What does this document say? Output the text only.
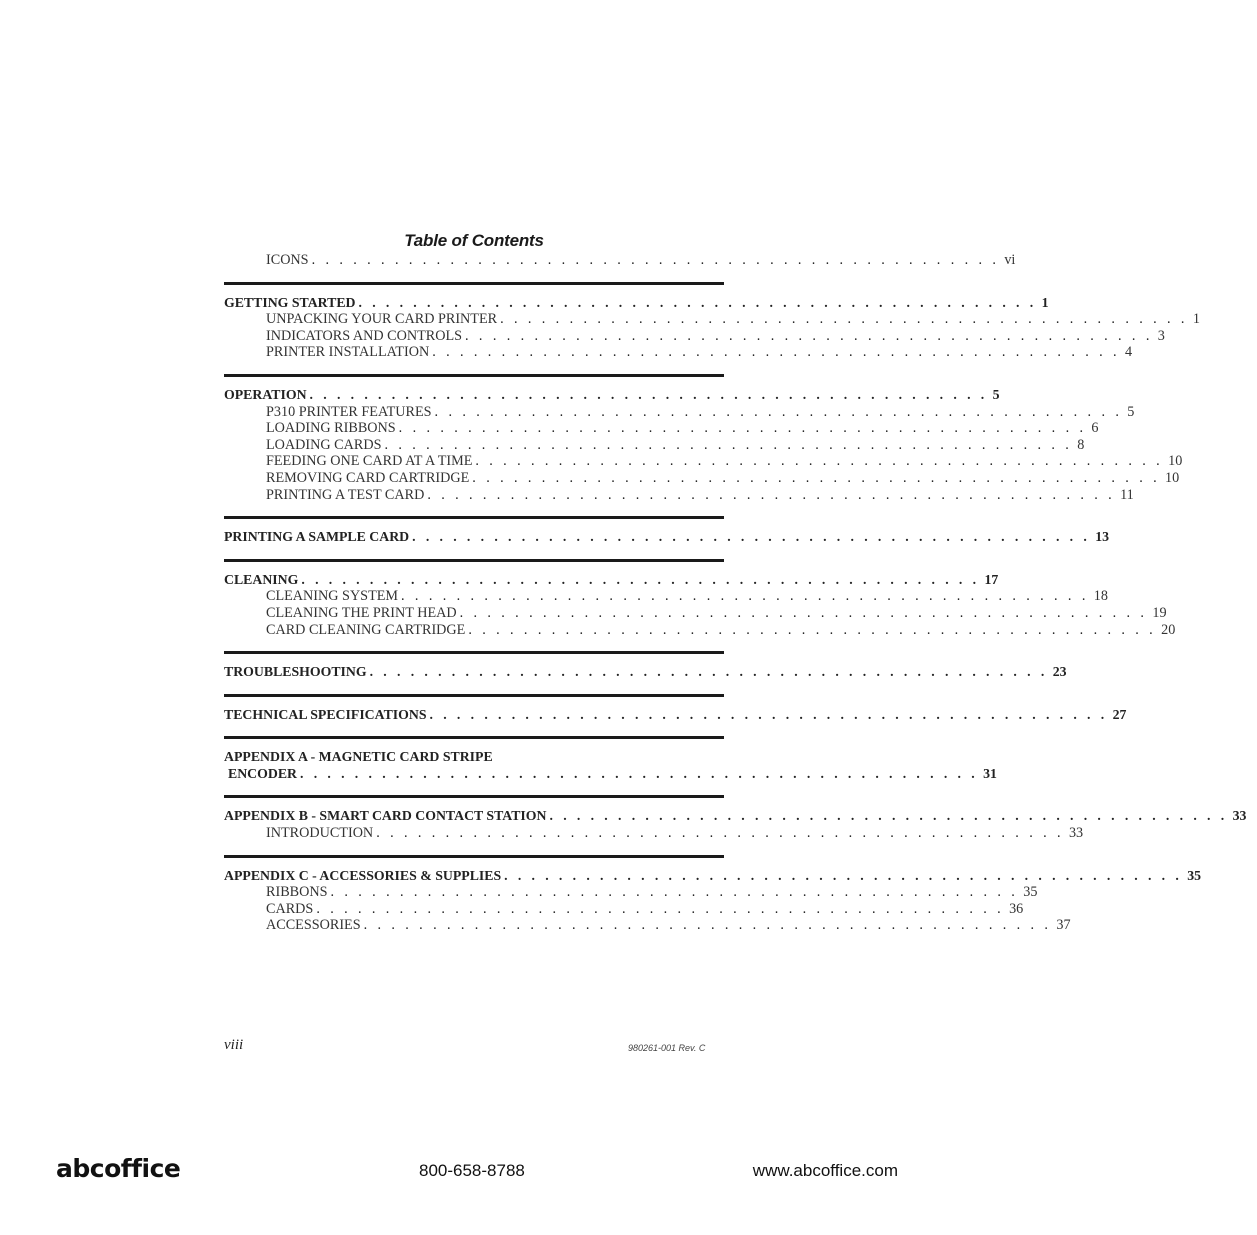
Table of Contents
ICONS . . . . . . . . . . . . . . . . . . . . . . . . . . . . . . . . . . . . . . . . . . . . . . . . . . vi
GETTING STARTED . . . . . . . . . . . . . . . . . . . . . . . . . . . . . . . . . . . . . . . . . . . . . . . . . . 1
UNPACKING YOUR CARD PRINTER . . . . . . . . . . . . . . . . . . . . . . . . . . . . . . . . . . . . . . . . . . . . . . . . . . 1
INDICATORS AND CONTROLS . . . . . . . . . . . . . . . . . . . . . . . . . . . . . . . . . . . . . . . . . . . . . . . . . . 3
PRINTER INSTALLATION . . . . . . . . . . . . . . . . . . . . . . . . . . . . . . . . . . . . . . . . . . . . . . . . . . 4
OPERATION . . . . . . . . . . . . . . . . . . . . . . . . . . . . . . . . . . . . . . . . . . . . . . . . . . 5
P310 PRINTER FEATURES . . . . . . . . . . . . . . . . . . . . . . . . . . . . . . . . . . . . . . . . . . . . . . . . . . 5
LOADING RIBBONS . . . . . . . . . . . . . . . . . . . . . . . . . . . . . . . . . . . . . . . . . . . . . . . . . . 6
LOADING CARDS . . . . . . . . . . . . . . . . . . . . . . . . . . . . . . . . . . . . . . . . . . . . . . . . . . 8
FEEDING ONE CARD AT A TIME . . . . . . . . . . . . . . . . . . . . . . . . . . . . . . . . . . . . . . . . . . . . . . . . . . 10
REMOVING CARD CARTRIDGE . . . . . . . . . . . . . . . . . . . . . . . . . . . . . . . . . . . . . . . . . . . . . . . . . . 10
PRINTING A TEST CARD . . . . . . . . . . . . . . . . . . . . . . . . . . . . . . . . . . . . . . . . . . . . . . . . . . 11
PRINTING A SAMPLE CARD . . . . . . . . . . . . . . . . . . . . . . . . . . . . . . . . . . . . . . . . . . . . . . . . . . 13
CLEANING . . . . . . . . . . . . . . . . . . . . . . . . . . . . . . . . . . . . . . . . . . . . . . . . . . 17
CLEANING SYSTEM . . . . . . . . . . . . . . . . . . . . . . . . . . . . . . . . . . . . . . . . . . . . . . . . . . 18
CLEANING THE PRINT HEAD . . . . . . . . . . . . . . . . . . . . . . . . . . . . . . . . . . . . . . . . . . . . . . . . . . 19
CARD CLEANING CARTRIDGE . . . . . . . . . . . . . . . . . . . . . . . . . . . . . . . . . . . . . . . . . . . . . . . . . . 20
TROUBLESHOOTING . . . . . . . . . . . . . . . . . . . . . . . . . . . . . . . . . . . . . . . . . . . . . . . . . . 23
TECHNICAL SPECIFICATIONS . . . . . . . . . . . . . . . . . . . . . . . . . . . . . . . . . . . . . . . . . . . . . . . . . . 27
APPENDIX A - MAGNETIC CARD STRIPE
ENCODER . . . . . . . . . . . . . . . . . . . . . . . . . . . . . . . . . . . . . . . . . . . . . . . . . . 31
APPENDIX B - SMART CARD CONTACT STATION . . . . . . . . . . . . . . . . . . . . . . . . . . . . . . . . . . . . . . . . . . . . . . . . . . 33
INTRODUCTION . . . . . . . . . . . . . . . . . . . . . . . . . . . . . . . . . . . . . . . . . . . . . . . . . . 33
APPENDIX C - ACCESSORIES & SUPPLIES . . . . . . . . . . . . . . . . . . . . . . . . . . . . . . . . . . . . . . . . . . . . . . . . . . 35
RIBBONS . . . . . . . . . . . . . . . . . . . . . . . . . . . . . . . . . . . . . . . . . . . . . . . . . . 35
CARDS . . . . . . . . . . . . . . . . . . . . . . . . . . . . . . . . . . . . . . . . . . . . . . . . . . 36
ACCESSORIES . . . . . . . . . . . . . . . . . . . . . . . . . . . . . . . . . . . . . . . . . . . . . . . . . . 37
viii	980261-001 Rev. C
abcoffice	800-658-8788	www.abcoffice.com
